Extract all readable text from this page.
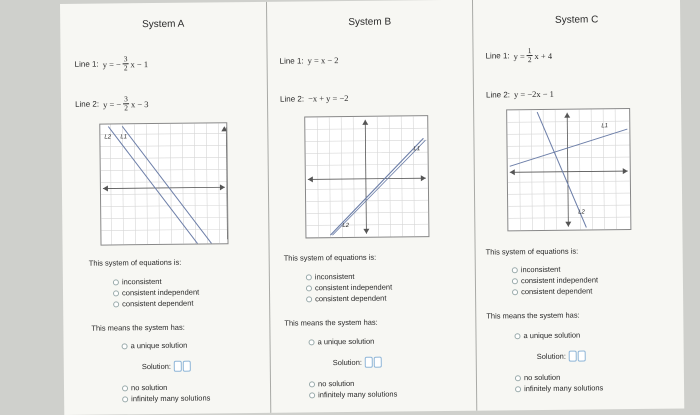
System A
Line 1: y = − $\frac{3}{2}$ x − 1
Line 2: y = − $\frac{3}{2}$ x − 3
L2 L1
This system of equations is:
inconsistent
consistent independent
consistent dependent
This means the system has:
a unique solution
Solution:
no solution
infinitely many solutions
System B
Line 1: y = x − 2
Line 2: −x + y = −2
L1
L2
This system of equations is:
inconsistent
consistent independent
consistent dependent
This means the system has:
a unique solution
Solution:
no solution
infinitely many solutions
System C
Line 1: $y = \frac{1}{2}$ x + 4
Line 2: y = −2x − 1
L1
L2
This system of equations is:
inconsistent
consistent independent
consistent dependent
This means the system has:
a unique solution
Solution:
no solution
infinitely many solutions
